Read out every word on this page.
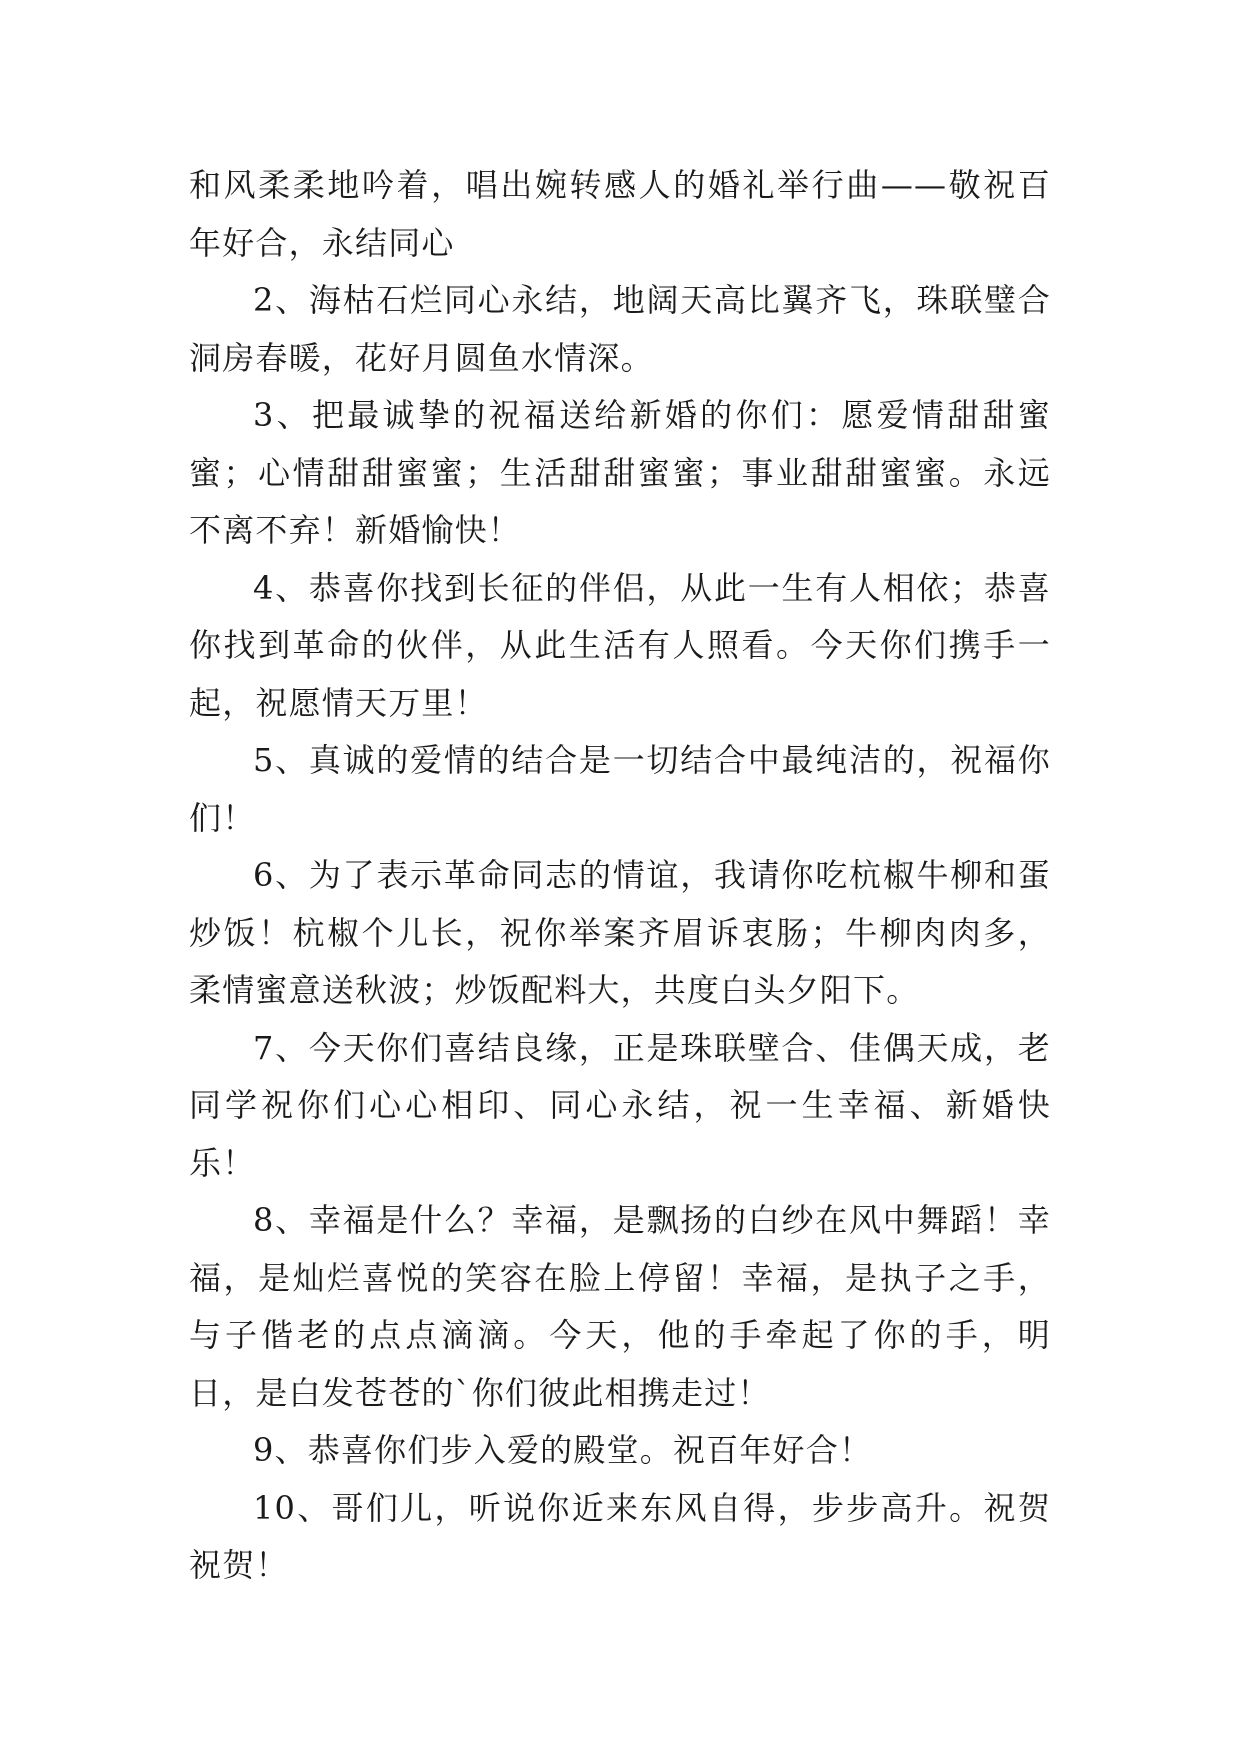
和风柔柔地吟着，唱出婉转感人的婚礼举行曲——敬祝百年好合，永结同心

2、海枯石烂同心永结，地阔天高比翼齐飞，珠联璧合洞房春暖，花好月圆鱼水情深。

3、把最诚挚的祝福送给新婚的你们：愿爱情甜甜蜜蜜；心情甜甜蜜蜜；生活甜甜蜜蜜；事业甜甜蜜蜜。永远不离不弃！新婚愉快！

4、恭喜你找到长征的伴侣，从此一生有人相依；恭喜你找到革命的伙伴，从此生活有人照看。今天你们携手一起，祝愿情天万里！

5、真诚的爱情的结合是一切结合中最纯洁的，祝福你们！

6、为了表示革命同志的情谊，我请你吃杭椒牛柳和蛋炒饭！杭椒个儿长，祝你举案齐眉诉衷肠；牛柳肉肉多，柔情蜜意送秋波；炒饭配料大，共度白头夕阳下。

7、今天你们喜结良缘，正是珠联壁合、佳偶天成，老同学祝你们心心相印、同心永结，祝一生幸福、新婚快乐！

8、幸福是什么？幸福，是飘扬的白纱在风中舞蹈！幸福，是灿烂喜悦的笑容在脸上停留！幸福，是执子之手，与子偕老的点点滴滴。今天，他的手牵起了你的手，明日，是白发苍苍的`你们彼此相携走过！

9、恭喜你们步入爱的殿堂。祝百年好合！

10、哥们儿，听说你近来东风自得，步步高升。祝贺祝贺！
